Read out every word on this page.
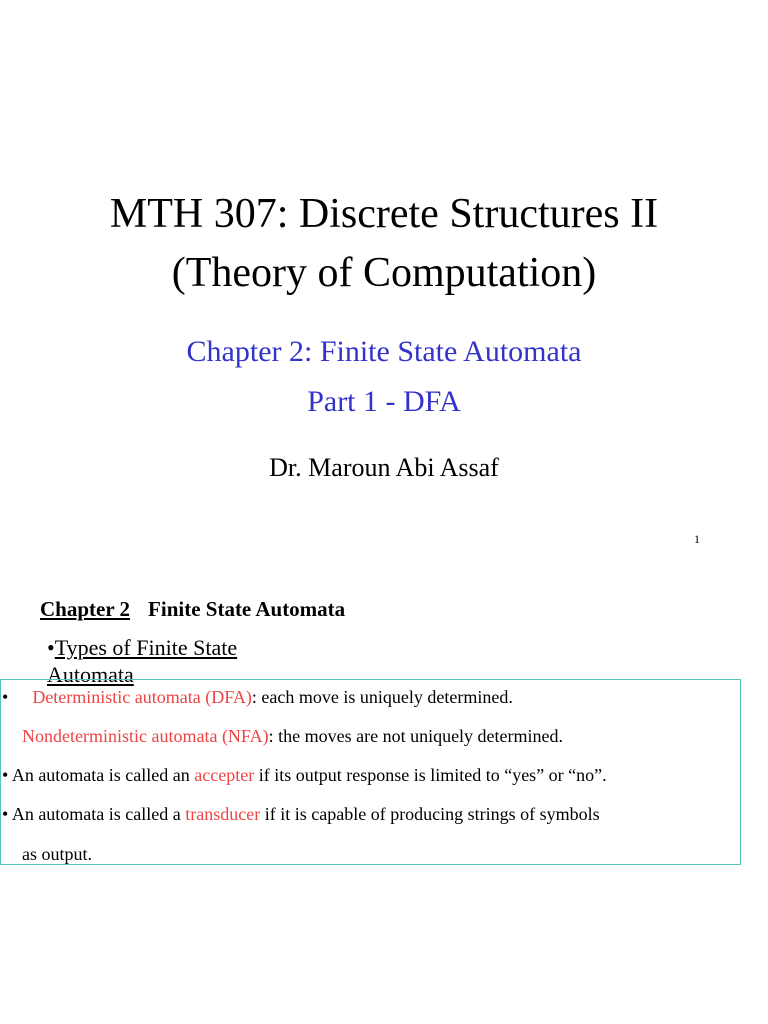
MTH 307: Discrete Structures II
(Theory of Computation)
Chapter 2: Finite State Automata
Part 1 - DFA
Dr. Maroun Abi Assaf
1
Chapter 2 Finite State Automata
•Types of Finite State Automata
• Deterministic automata (DFA): each move is uniquely determined.
Nondeterministic automata (NFA): the moves are not uniquely determined.
• An automata is called an accepter if its output response is limited to “yes” or “no”.
• An automata is called a transducer if it is capable of producing strings of symbols
as output.
